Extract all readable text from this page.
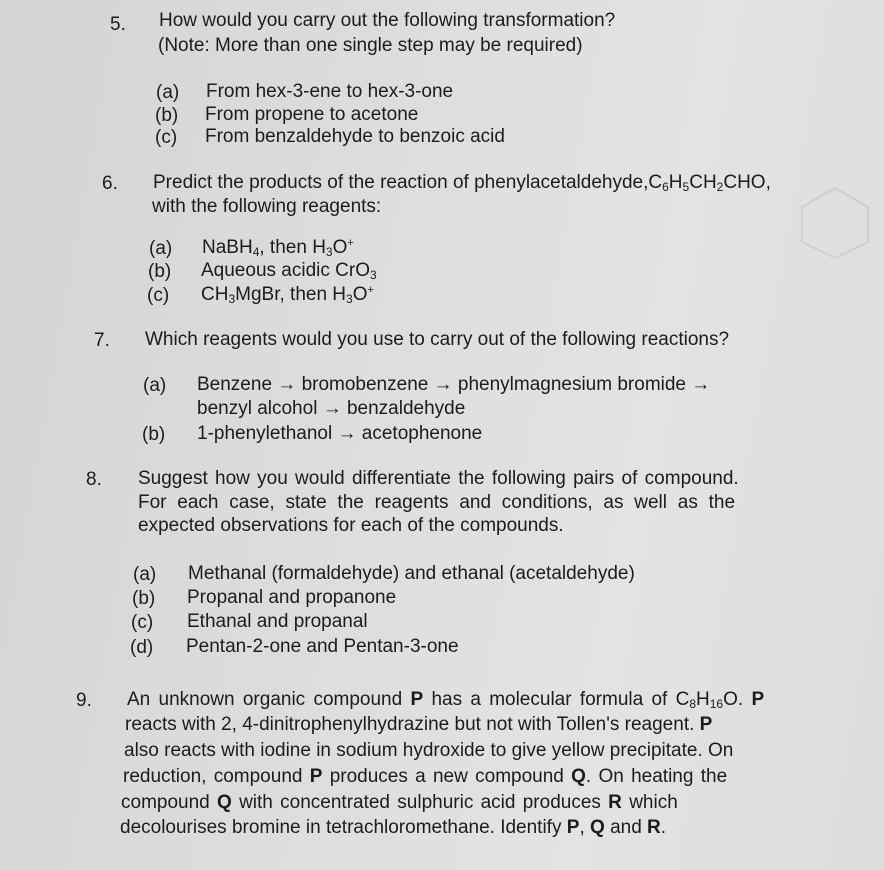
5. How would you carry out the following transformation?
(Note: More than one single step may be required)
(a) From hex-3-ene to hex-3-one
(b) From propene to acetone
(c) From benzaldehyde to benzoic acid
6. Predict the products of the reaction of $phenylacetaldehyde,C_6H_5CH_2CHO$,
with the following reagents:
(a) NaBH$_4$, then $H_3O^+$
(b) Aqueous acidic CrO$_3$
(c) $CH_3MgBr$, then $H_3O^+$
7. Which reagents would you use to carry out of the following reactions?
(a) Benzene → bromobenzene → phenylmagnesium bromide →
benzyl alcohol → benzaldehyde
(b) 1-phenylethanol → acetophenone
8. Suggest how you would differentiate the following pairs of compound.
For each case, state the reagents and conditions, as well as the
expected observations for each of the compounds.
(a) Methanal (formaldehyde) and ethanal (acetaldehyde)
(b) Propanal and propanone
(c) Ethanal and propanal
(d) Pentan-2-one and Pentan-3-one
9. An unknown organic compound P has a molecular formula of $C_8H_{16}O$. P
reacts with 2, 4-dinitrophenylhydrazine but not with Tollen's reagent. P
also reacts with iodine in sodium hydroxide to give yellow precipitate. On
reduction, compound P produces a new compound Q. On heating the
compound Q with concentrated sulphuric acid produces R which
decolourises bromine in tetrachloromethane. Identify P, Q and R.
